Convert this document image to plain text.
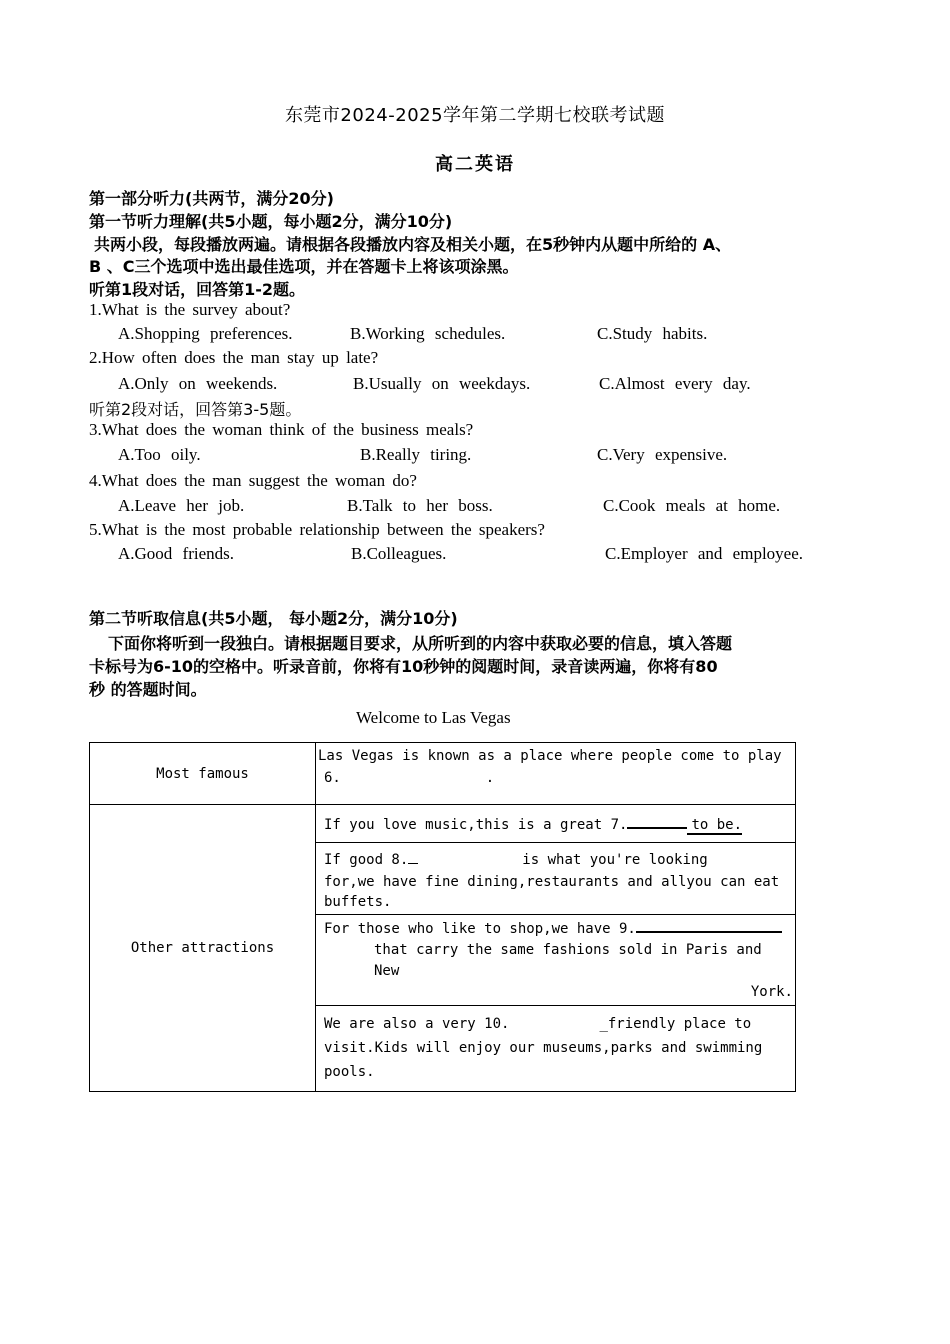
东莞市2024-2025学年第二学期七校联考试题
高二英语
第一部分听力(共两节，满分20分)
第一节听力理解(共5小题，每小题2分，满分10分)
共两小段，每段播放两遍。请根据各段播放内容及相关小题，在5秒钟内从题中所给的 A、
B 、C三个选项中选出最佳选项，并在答题卡上将该项涂黑。
听第1段对话，回答第1-2题。
1.What is the survey about?
A.Shopping preferences.	B.Working schedules.	C.Study habits.
2.How often does the man stay up late?
A.Only on weekends.	B.Usually on weekdays.	C.Almost every day.
听第2段对话，回答第3-5题。
3.What does the woman think of the business meals?
A.Too oily.	B.Really tiring.	C.Very expensive.
4.What does the man suggest the woman do?
A.Leave her job.	B.Talk to her boss.	C.Cook meals at home.
5.What is the most probable relationship between the speakers?
A.Good friends.	B.Colleagues.	C.Employer and employee.
第二节听取信息(共5小题， 每小题2分，满分10分)
下面你将听到一段独白。请根据题目要求，从所听到的内容中获取必要的信息，填入答题
卡标号为6-10的空格中。听录音前，你将有10秒钟的阅题时间，录音读两遍，你将有80
秒 的答题时间。
Welcome to Las Vegas
Most famous	Las Vegas is known as a place where people come to play
6. .

Other attractions	If you love music,this is a great 7. to be.

	If good 8. is what you're looking
for,we have fine dining,restaurants and allyou can eat
buffets.

	For those who like to shop,we have 9.
that carry the same fashions sold in Paris and New
York.

	We are also a very 10. _friendly place to
visit.Kids will enjoy our museums,parks and swimming
pools.
